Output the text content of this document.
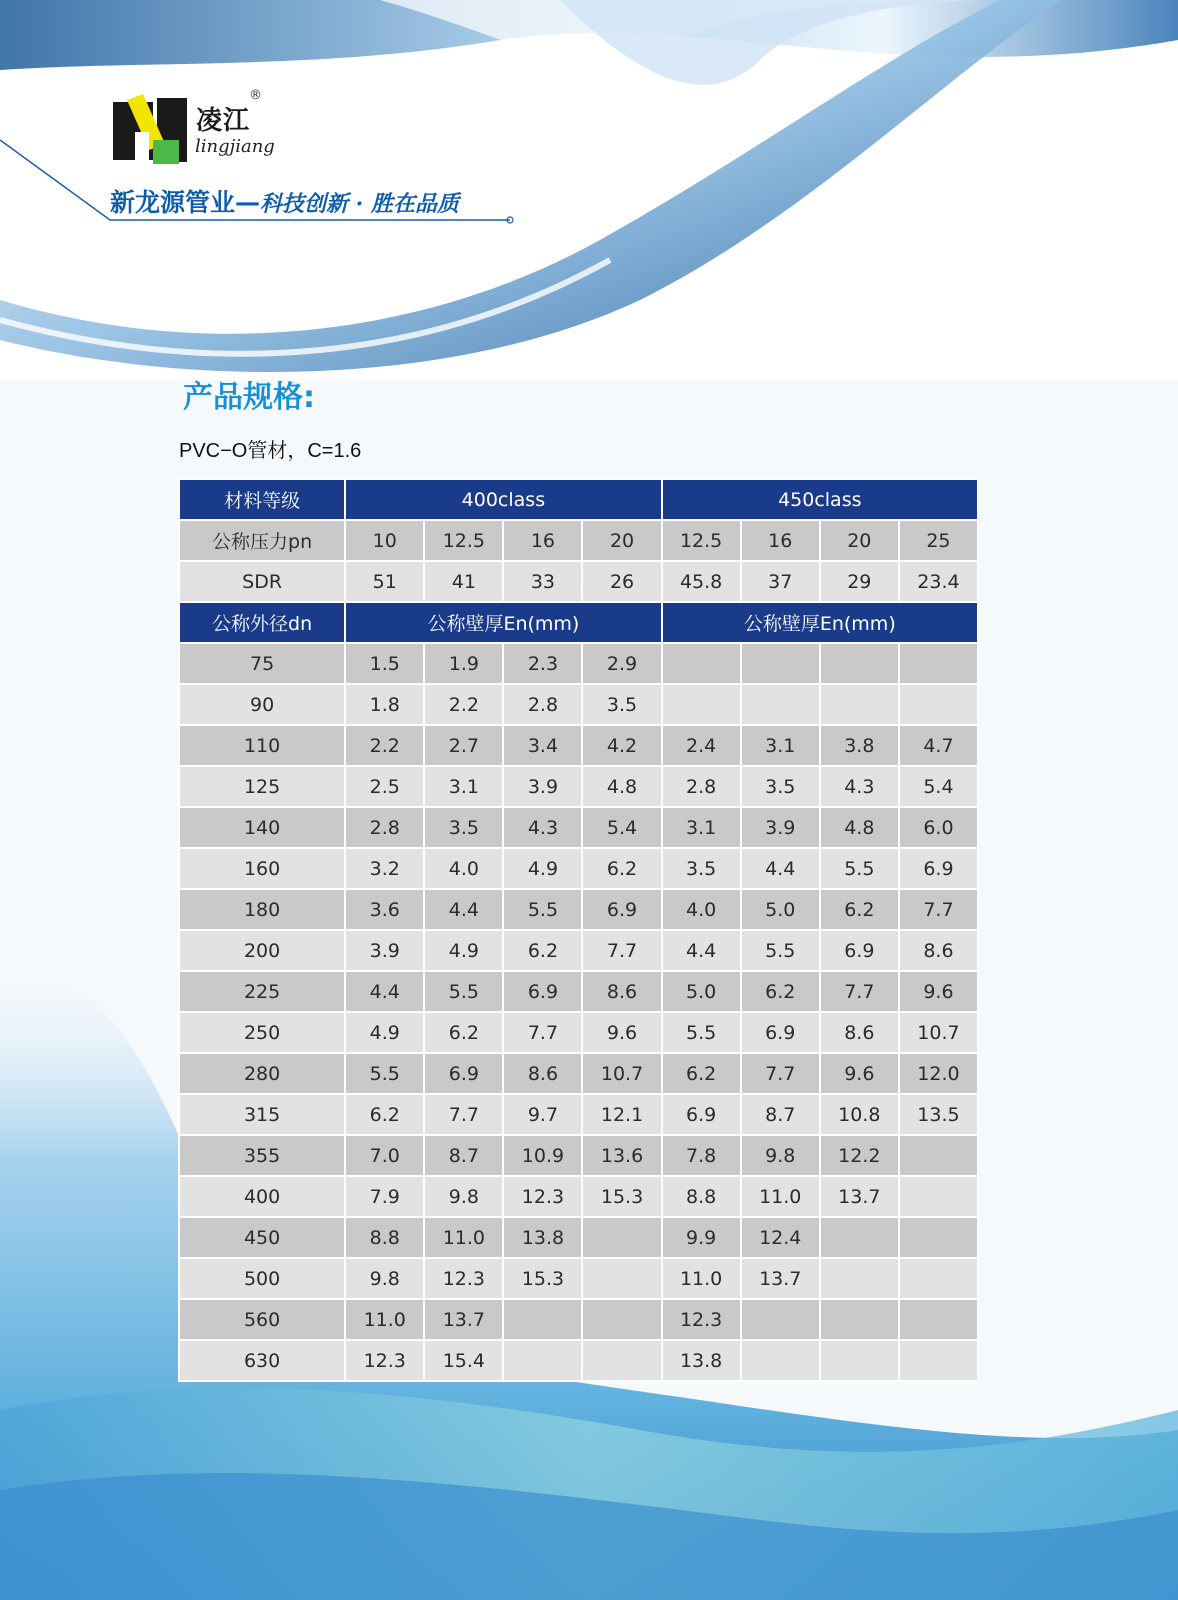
凌江
®
lingjiang
新龙源管业—科技创新 · 胜在品质
产品规格:

PVC−O管材，C=1.6

材料等级	400class				450class			
公称压力pn	10	12.5	16	20	12.5	16	20	25
SDR	51	41	33	26	45.8	37	29	23.4
公称外径dn	公称壁厚En(mm)				公称壁厚En(mm)			
75	1.5	1.9	2.3	2.9				
90	1.8	2.2	2.8	3.5				
110	2.2	2.7	3.4	4.2	2.4	3.1	3.8	4.7
125	2.5	3.1	3.9	4.8	2.8	3.5	4.3	5.4
140	2.8	3.5	4.3	5.4	3.1	3.9	4.8	6.0
160	3.2	4.0	4.9	6.2	3.5	4.4	5.5	6.9
180	3.6	4.4	5.5	6.9	4.0	5.0	6.2	7.7
200	3.9	4.9	6.2	7.7	4.4	5.5	6.9	8.6
225	4.4	5.5	6.9	8.6	5.0	6.2	7.7	9.6
250	4.9	6.2	7.7	9.6	5.5	6.9	8.6	10.7
280	5.5	6.9	8.6	10.7	6.2	7.7	9.6	12.0
315	6.2	7.7	9.7	12.1	6.9	8.7	10.8	13.5
355	7.0	8.7	10.9	13.6	7.8	9.8	12.2	
400	7.9	9.8	12.3	15.3	8.8	11.0	13.7	
450	8.8	11.0	13.8		9.9	12.4		
500	9.8	12.3	15.3		11.0	13.7		
560	11.0	13.7			12.3			
630	12.3	15.4			13.8			
